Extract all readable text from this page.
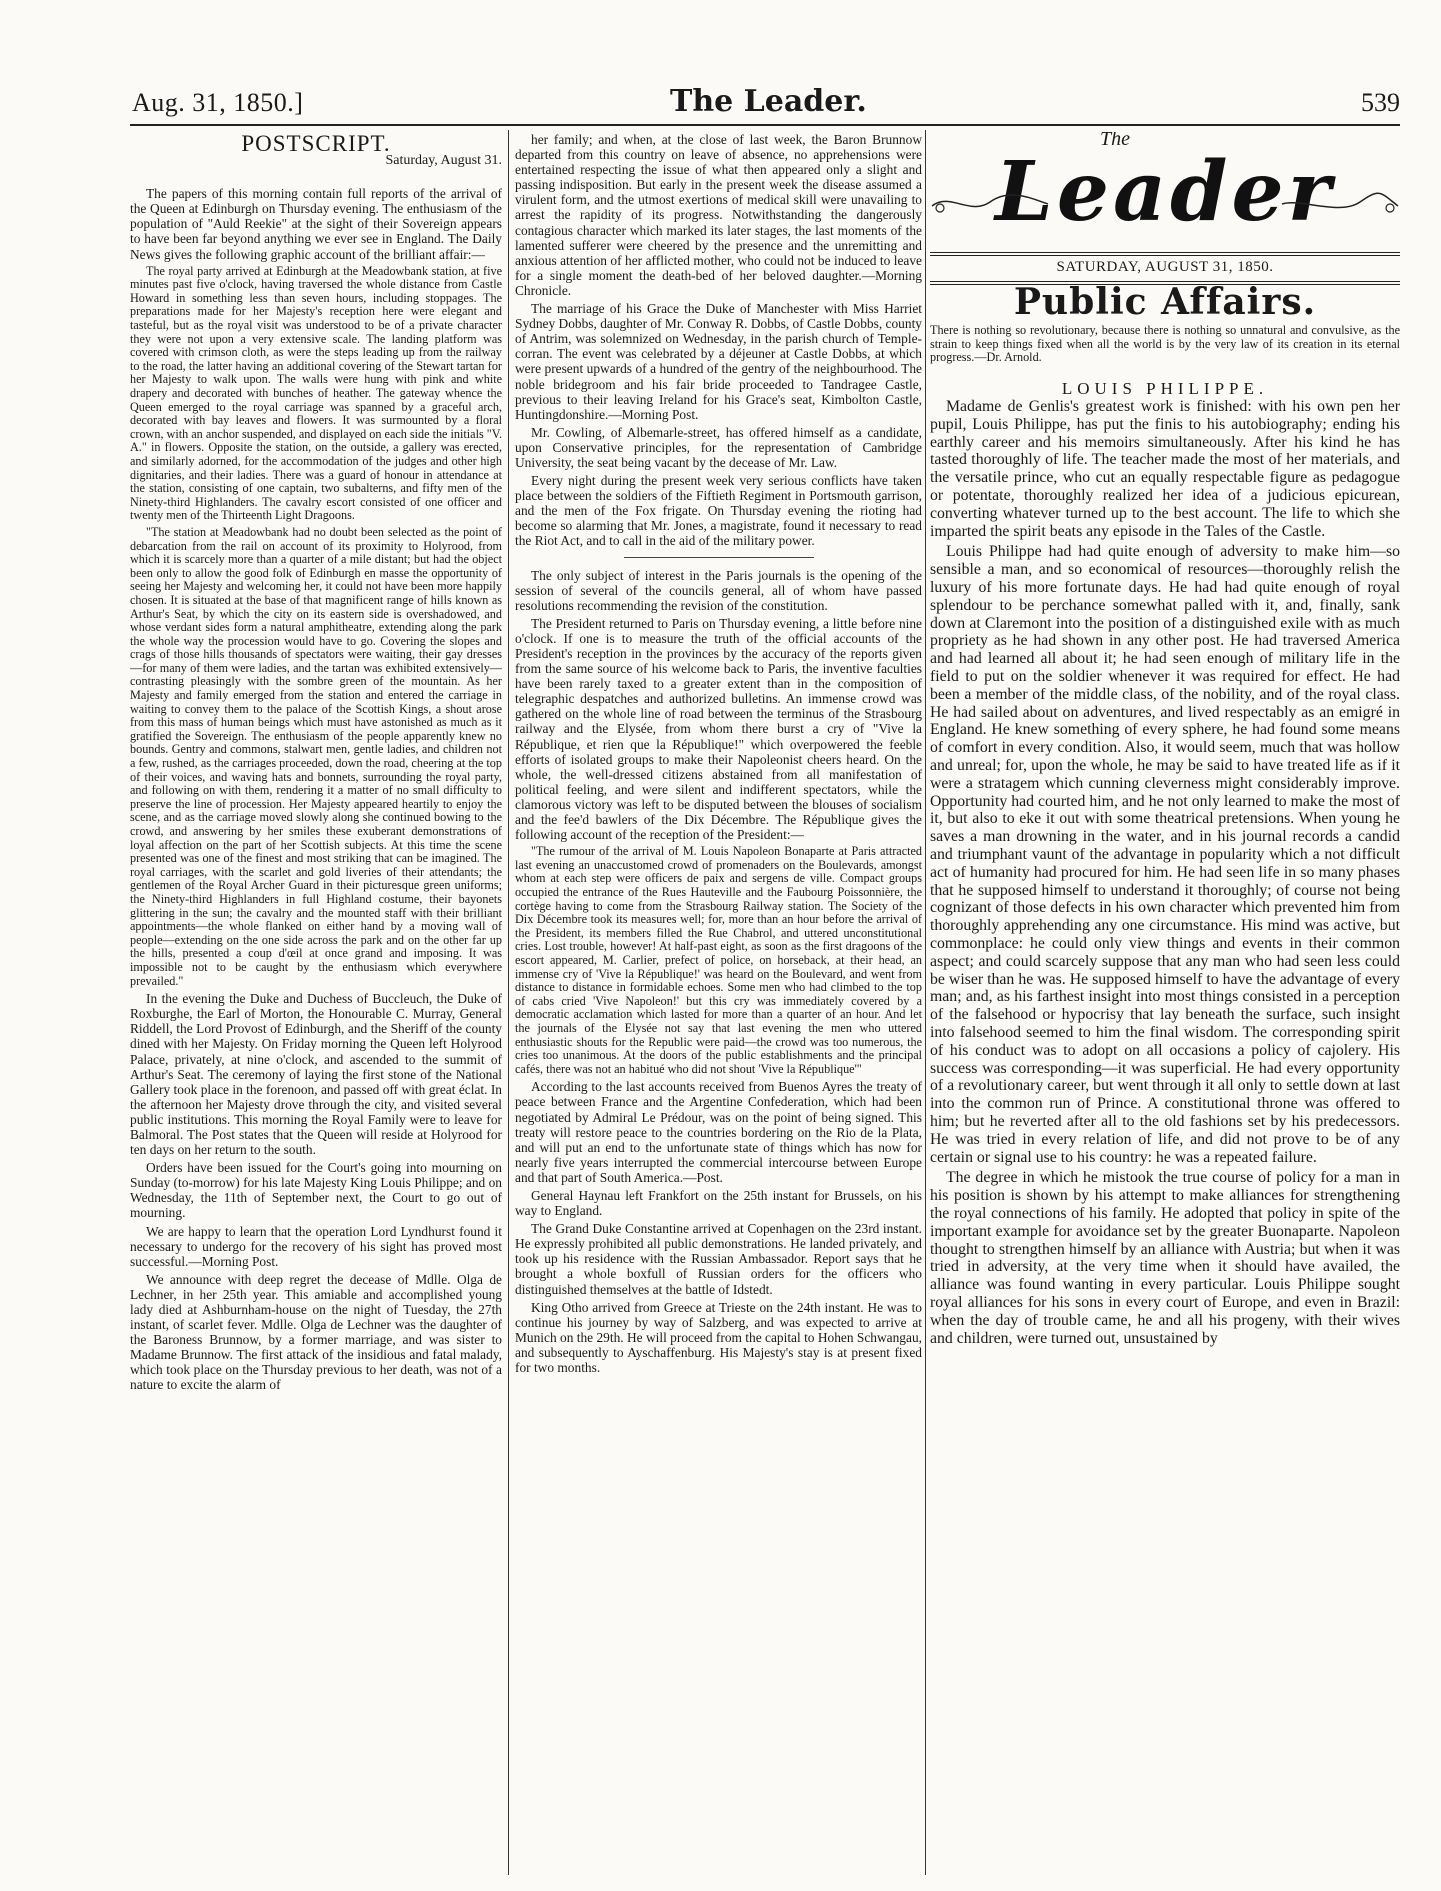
Aug. 31, 1850.]	The Leader.	539
POSTSCRIPT.
Saturday, August 31.

The papers of this morning contain full reports of the arrival of the Queen at Edinburgh on Thursday evening. The enthusiasm of the population of "Auld Reekie" at the sight of their Sovereign appears to have been far beyond anything we ever see in England. The Daily News gives the following graphic account of the brilliant affair:—

The royal party arrived at Edinburgh at the Meadowbank station, at five minutes past five o'clock, having traversed the whole distance from Castle Howard in something less than seven hours, including stoppages. The preparations made for her Majesty's reception here were elegant and tasteful, but as the royal visit was understood to be of a private character they were not upon a very extensive scale. The landing platform was covered with crimson cloth, as were the steps leading up from the railway to the road, the latter having an additional covering of the Stewart tartan for her Majesty to walk upon. The walls were hung with pink and white drapery and decorated with bunches of heather. The gateway whence the Queen emerged to the royal carriage was spanned by a graceful arch, decorated with bay leaves and flowers. It was surmounted by a floral crown, with an anchor suspended, and displayed on each side the initials "V. A." in flowers. Opposite the station, on the outside, a gallery was erected, and similarly adorned, for the accommodation of the judges and other high dignitaries, and their ladies. There was a guard of honour in attendance at the station, consisting of one captain, two subalterns, and fifty men of the Ninety-third Highlanders. The cavalry escort consisted of one officer and twenty men of the Thirteenth Light Dragoons.

"The station at Meadowbank had no doubt been selected as the point of debarcation from the rail on account of its proximity to Holyrood, from which it is scarcely more than a quarter of a mile distant; but had the object been only to allow the good folk of Edinburgh en masse the opportunity of seeing her Majesty and welcoming her, it could not have been more happily chosen. It is situated at the base of that magnificent range of hills known as Arthur's Seat, by which the city on its eastern side is overshadowed, and whose verdant sides form a natural amphitheatre, extending along the park the whole way the procession would have to go. Covering the slopes and crags of those hills thousands of spectators were waiting, their gay dresses—for many of them were ladies, and the tartan was exhibited extensively—contrasting pleasingly with the sombre green of the mountain. As her Majesty and family emerged from the station and entered the carriage in waiting to convey them to the palace of the Scottish Kings, a shout arose from this mass of human beings which must have astonished as much as it gratified the Sovereign. The enthusiasm of the people apparently knew no bounds. Gentry and commons, stalwart men, gentle ladies, and children not a few, rushed, as the carriages proceeded, down the road, cheering at the top of their voices, and waving hats and bonnets, surrounding the royal party, and following on with them, rendering it a matter of no small difficulty to preserve the line of procession. Her Majesty appeared heartily to enjoy the scene, and as the carriage moved slowly along she continued bowing to the crowd, and answering by her smiles these exuberant demonstrations of loyal affection on the part of her Scottish subjects. At this time the scene presented was one of the finest and most striking that can be imagined. The royal carriages, with the scarlet and gold liveries of their attendants; the gentlemen of the Royal Archer Guard in their picturesque green uniforms; the Ninety-third Highlanders in full Highland costume, their bayonets glittering in the sun; the cavalry and the mounted staff with their brilliant appointments—the whole flanked on either hand by a moving wall of people—extending on the one side across the park and on the other far up the hills, presented a coup d'œil at once grand and imposing. It was impossible not to be caught by the enthusiasm which everywhere prevailed."

In the evening the Duke and Duchess of Buccleuch, the Duke of Roxburghe, the Earl of Morton, the Honourable C. Murray, General Riddell, the Lord Provost of Edinburgh, and the Sheriff of the county dined with her Majesty. On Friday morning the Queen left Holyrood Palace, privately, at nine o'clock, and ascended to the summit of Arthur's Seat. The ceremony of laying the first stone of the National Gallery took place in the forenoon, and passed off with great éclat. In the afternoon her Majesty drove through the city, and visited several public institutions. This morning the Royal Family were to leave for Balmoral. The Post states that the Queen will reside at Holyrood for ten days on her return to the south.

Orders have been issued for the Court's going into mourning on Sunday (to-morrow) for his late Majesty King Louis Philippe; and on Wednesday, the 11th of September next, the Court to go out of mourning.

We are happy to learn that the operation Lord Lyndhurst found it necessary to undergo for the recovery of his sight has proved most successful.—Morning Post.

We announce with deep regret the decease of Mdlle. Olga de Lechner, in her 25th year. This amiable and accomplished young lady died at Ashburnham-house on the night of Tuesday, the 27th instant, of scarlet fever. Mdlle. Olga de Lechner was the daughter of the Baroness Brunnow, by a former marriage, and was sister to Madame Brunnow. The first attack of the insidious and fatal malady, which took place on the Thursday previous to her death, was not of a nature to excite the alarm of

her family; and when, at the close of last week, the Baron Brunnow departed from this country on leave of absence, no apprehensions were entertained respecting the issue of what then appeared only a slight and passing indisposition. But early in the present week the disease assumed a virulent form, and the utmost exertions of medical skill were unavailing to arrest the rapidity of its progress. Notwithstanding the dangerously contagious character which marked its later stages, the last moments of the lamented sufferer were cheered by the presence and the unremitting and anxious attention of her afflicted mother, who could not be induced to leave for a single moment the death-bed of her beloved daughter.—Morning Chronicle.

The marriage of his Grace the Duke of Manchester with Miss Harriet Sydney Dobbs, daughter of Mr. Conway R. Dobbs, of Castle Dobbs, county of Antrim, was solemnized on Wednesday, in the parish church of Temple-corran. The event was celebrated by a déjeuner at Castle Dobbs, at which were present upwards of a hundred of the gentry of the neighbourhood. The noble bridegroom and his fair bride proceeded to Tandragee Castle, previous to their leaving Ireland for his Grace's seat, Kimbolton Castle, Huntingdonshire.—Morning Post.

Mr. Cowling, of Albemarle-street, has offered himself as a candidate, upon Conservative principles, for the representation of Cambridge University, the seat being vacant by the decease of Mr. Law.

Every night during the present week very serious conflicts have taken place between the soldiers of the Fiftieth Regiment in Portsmouth garrison, and the men of the Fox frigate. On Thursday evening the rioting had become so alarming that Mr. Jones, a magistrate, found it necessary to read the Riot Act, and to call in the aid of the military power.

The only subject of interest in the Paris journals is the opening of the session of several of the councils general, all of whom have passed resolutions recommending the revision of the constitution.

The President returned to Paris on Thursday evening, a little before nine o'clock. If one is to measure the truth of the official accounts of the President's reception in the provinces by the accuracy of the reports given from the same source of his welcome back to Paris, the inventive faculties have been rarely taxed to a greater extent than in the composition of telegraphic despatches and authorized bulletins. An immense crowd was gathered on the whole line of road between the terminus of the Strasbourg railway and the Elysée, from whom there burst a cry of "Vive la République, et rien que la République!" which overpowered the feeble efforts of isolated groups to make their Napoleonist cheers heard. On the whole, the well-dressed citizens abstained from all manifestation of political feeling, and were silent and indifferent spectators, while the clamorous victory was left to be disputed between the blouses of socialism and the fee'd bawlers of the Dix Décembre. The République gives the following account of the reception of the President:—

"The rumour of the arrival of M. Louis Napoleon Bonaparte at Paris attracted last evening an unaccustomed crowd of promenaders on the Boulevards, amongst whom at each step were officers de paix and sergens de ville. Compact groups occupied the entrance of the Rues Hauteville and the Faubourg Poissonnière, the cortège having to come from the Strasbourg Railway station. The Society of the Dix Décembre took its measures well; for, more than an hour before the arrival of the President, its members filled the Rue Chabrol, and uttered unconstitutional cries. Lost trouble, however! At half-past eight, as soon as the first dragoons of the escort appeared, M. Carlier, prefect of police, on horseback, at their head, an immense cry of 'Vive la République!' was heard on the Boulevard, and went from distance to distance in formidable echoes. Some men who had climbed to the top of cabs cried 'Vive Napoleon!' but this cry was immediately covered by a democratic acclamation which lasted for more than a quarter of an hour. And let the journals of the Elysée not say that last evening the men who uttered enthusiastic shouts for the Republic were paid—the crowd was too numerous, the cries too unanimous. At the doors of the public establishments and the principal cafés, there was not an habitué who did not shout 'Vive la République'"

According to the last accounts received from Buenos Ayres the treaty of peace between France and the Argentine Confederation, which had been negotiated by Admiral Le Prédour, was on the point of being signed. This treaty will restore peace to the countries bordering on the Rio de la Plata, and will put an end to the unfortunate state of things which has now for nearly five years interrupted the commercial intercourse between Europe and that part of South America.—Post.

General Haynau left Frankfort on the 25th instant for Brussels, on his way to England.

The Grand Duke Constantine arrived at Copenhagen on the 23rd instant. He expressly prohibited all public demonstrations. He landed privately, and took up his residence with the Russian Ambassador. Report says that he brought a whole boxfull of Russian orders for the officers who distinguished themselves at the battle of Idstedt.

King Otho arrived from Greece at Trieste on the 24th instant. He was to continue his journey by way of Salzberg, and was expected to arrive at Munich on the 29th. He will proceed from the capital to Hohen Schwangau, and subsequently to Ayschaffenburg. His Majesty's stay is at present fixed for two months.

The
Leader
SATURDAY, AUGUST 31, 1850.
Public Affairs.
There is nothing so revolutionary, because there is nothing so unnatural and convulsive, as the strain to keep things fixed when all the world is by the very law of its creation in its eternal progress.—Dr. Arnold.
LOUIS PHILIPPE.

Madame de Genlis's greatest work is finished: with his own pen her pupil, Louis Philippe, has put the finis to his autobiography; ending his earthly career and his memoirs simultaneously. After his kind he has tasted thoroughly of life. The teacher made the most of her materials, and the versatile prince, who cut an equally respectable figure as pedagogue or potentate, thoroughly realized her idea of a judicious epicurean, converting whatever turned up to the best account. The life to which she imparted the spirit beats any episode in the Tales of the Castle.

Louis Philippe had had quite enough of adversity to make him—so sensible a man, and so economical of resources—thoroughly relish the luxury of his more fortunate days. He had had quite enough of royal splendour to be perchance somewhat palled with it, and, finally, sank down at Claremont into the position of a distinguished exile with as much propriety as he had shown in any other post. He had traversed America and had learned all about it; he had seen enough of military life in the field to put on the soldier whenever it was required for effect. He had been a member of the middle class, of the nobility, and of the royal class. He had sailed about on adventures, and lived respectably as an emigré in England. He knew something of every sphere, he had found some means of comfort in every condition. Also, it would seem, much that was hollow and unreal; for, upon the whole, he may be said to have treated life as if it were a stratagem which cunning cleverness might considerably improve. Opportunity had courted him, and he not only learned to make the most of it, but also to eke it out with some theatrical pretensions. When young he saves a man drowning in the water, and in his journal records a candid and triumphant vaunt of the advantage in popularity which a not difficult act of humanity had procured for him. He had seen life in so many phases that he supposed himself to understand it thoroughly; of course not being cognizant of those defects in his own character which prevented him from thoroughly apprehending any one circumstance. His mind was active, but commonplace: he could only view things and events in their common aspect; and could scarcely suppose that any man who had seen less could be wiser than he was. He supposed himself to have the advantage of every man; and, as his farthest insight into most things consisted in a perception of the falsehood or hypocrisy that lay beneath the surface, such insight into falsehood seemed to him the final wisdom. The corresponding spirit of his conduct was to adopt on all occasions a policy of cajolery. His success was corresponding—it was superficial. He had every opportunity of a revolutionary career, but went through it all only to settle down at last into the common run of Prince. A constitutional throne was offered to him; but he reverted after all to the old fashions set by his predecessors. He was tried in every relation of life, and did not prove to be of any certain or signal use to his country: he was a repeated failure.

The degree in which he mistook the true course of policy for a man in his position is shown by his attempt to make alliances for strengthening the royal connections of his family. He adopted that policy in spite of the important example for avoidance set by the greater Buonaparte. Napoleon thought to strengthen himself by an alliance with Austria; but when it was tried in adversity, at the very time when it should have availed, the alliance was found wanting in every particular. Louis Philippe sought royal alliances for his sons in every court of Europe, and even in Brazil: when the day of trouble came, he and all his progeny, with their wives and children, were turned out, unsustained by
